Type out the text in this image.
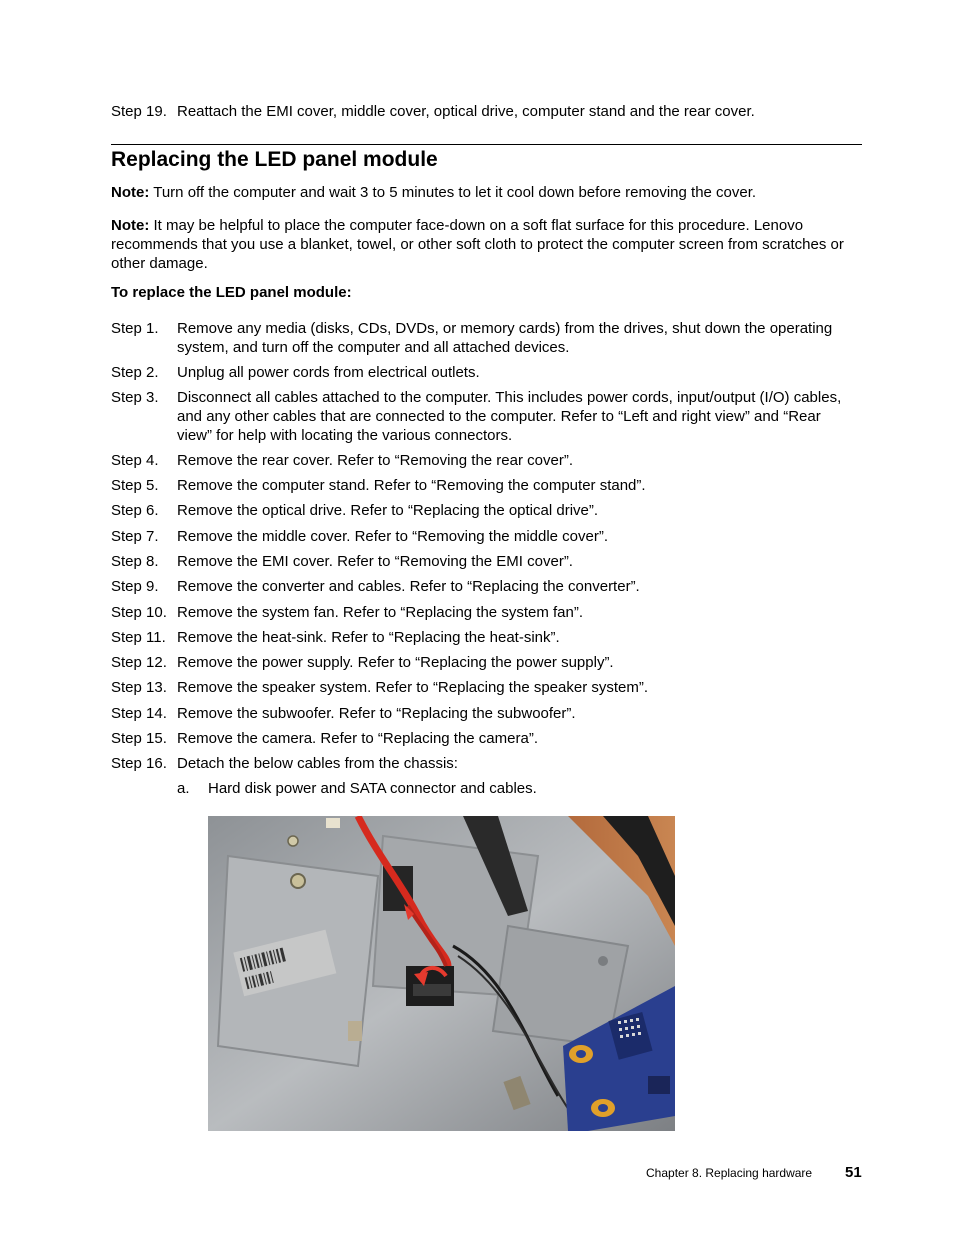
Step 19. Reattach the EMI cover, middle cover, optical drive, computer stand and the rear cover.
Replacing the LED panel module
Note: Turn off the computer and wait 3 to 5 minutes to let it cool down before removing the cover.
Note: It may be helpful to place the computer face-down on a soft flat surface for this procedure. Lenovo recommends that you use a blanket, towel, or other soft cloth to protect the computer screen from scratches or other damage.
To replace the LED panel module:
Step 1.	Remove any media (disks, CDs, DVDs, or memory cards) from the drives, shut down the operating system, and turn off the computer and all attached devices.
Step 2.	Unplug all power cords from electrical outlets.
Step 3.	Disconnect all cables attached to the computer. This includes power cords, input/output (I/O) cables, and any other cables that are connected to the computer. Refer to “Left and right view” and “Rear view” for help with locating the various connectors.
Step 4.	Remove the rear cover. Refer to “Removing the rear cover”.
Step 5.	Remove the computer stand. Refer to “Removing the computer stand”.
Step 6.	Remove the optical drive. Refer to “Replacing the optical drive”.
Step 7.	Remove the middle cover. Refer to “Removing the middle cover”.
Step 8.	Remove the EMI cover. Refer to “Removing the EMI cover”.
Step 9.	Remove the converter and cables. Refer to “Replacing the converter”.
Step 10. Remove the system fan. Refer to “Replacing the system fan”.
Step 11. Remove the heat-sink. Refer to “Replacing the heat-sink”.
Step 12. Remove the power supply. Refer to “Replacing the power supply”.
Step 13. Remove the speaker system. Refer to “Replacing the speaker system”.
Step 14. Remove the subwoofer. Refer to “Replacing the subwoofer”.
Step 15. Remove the camera. Refer to “Replacing the camera”.
Step 16. Detach the below cables from the chassis:
a.	Hard disk power and SATA connector and cables.
Chapter 8. Replacing hardware 51
